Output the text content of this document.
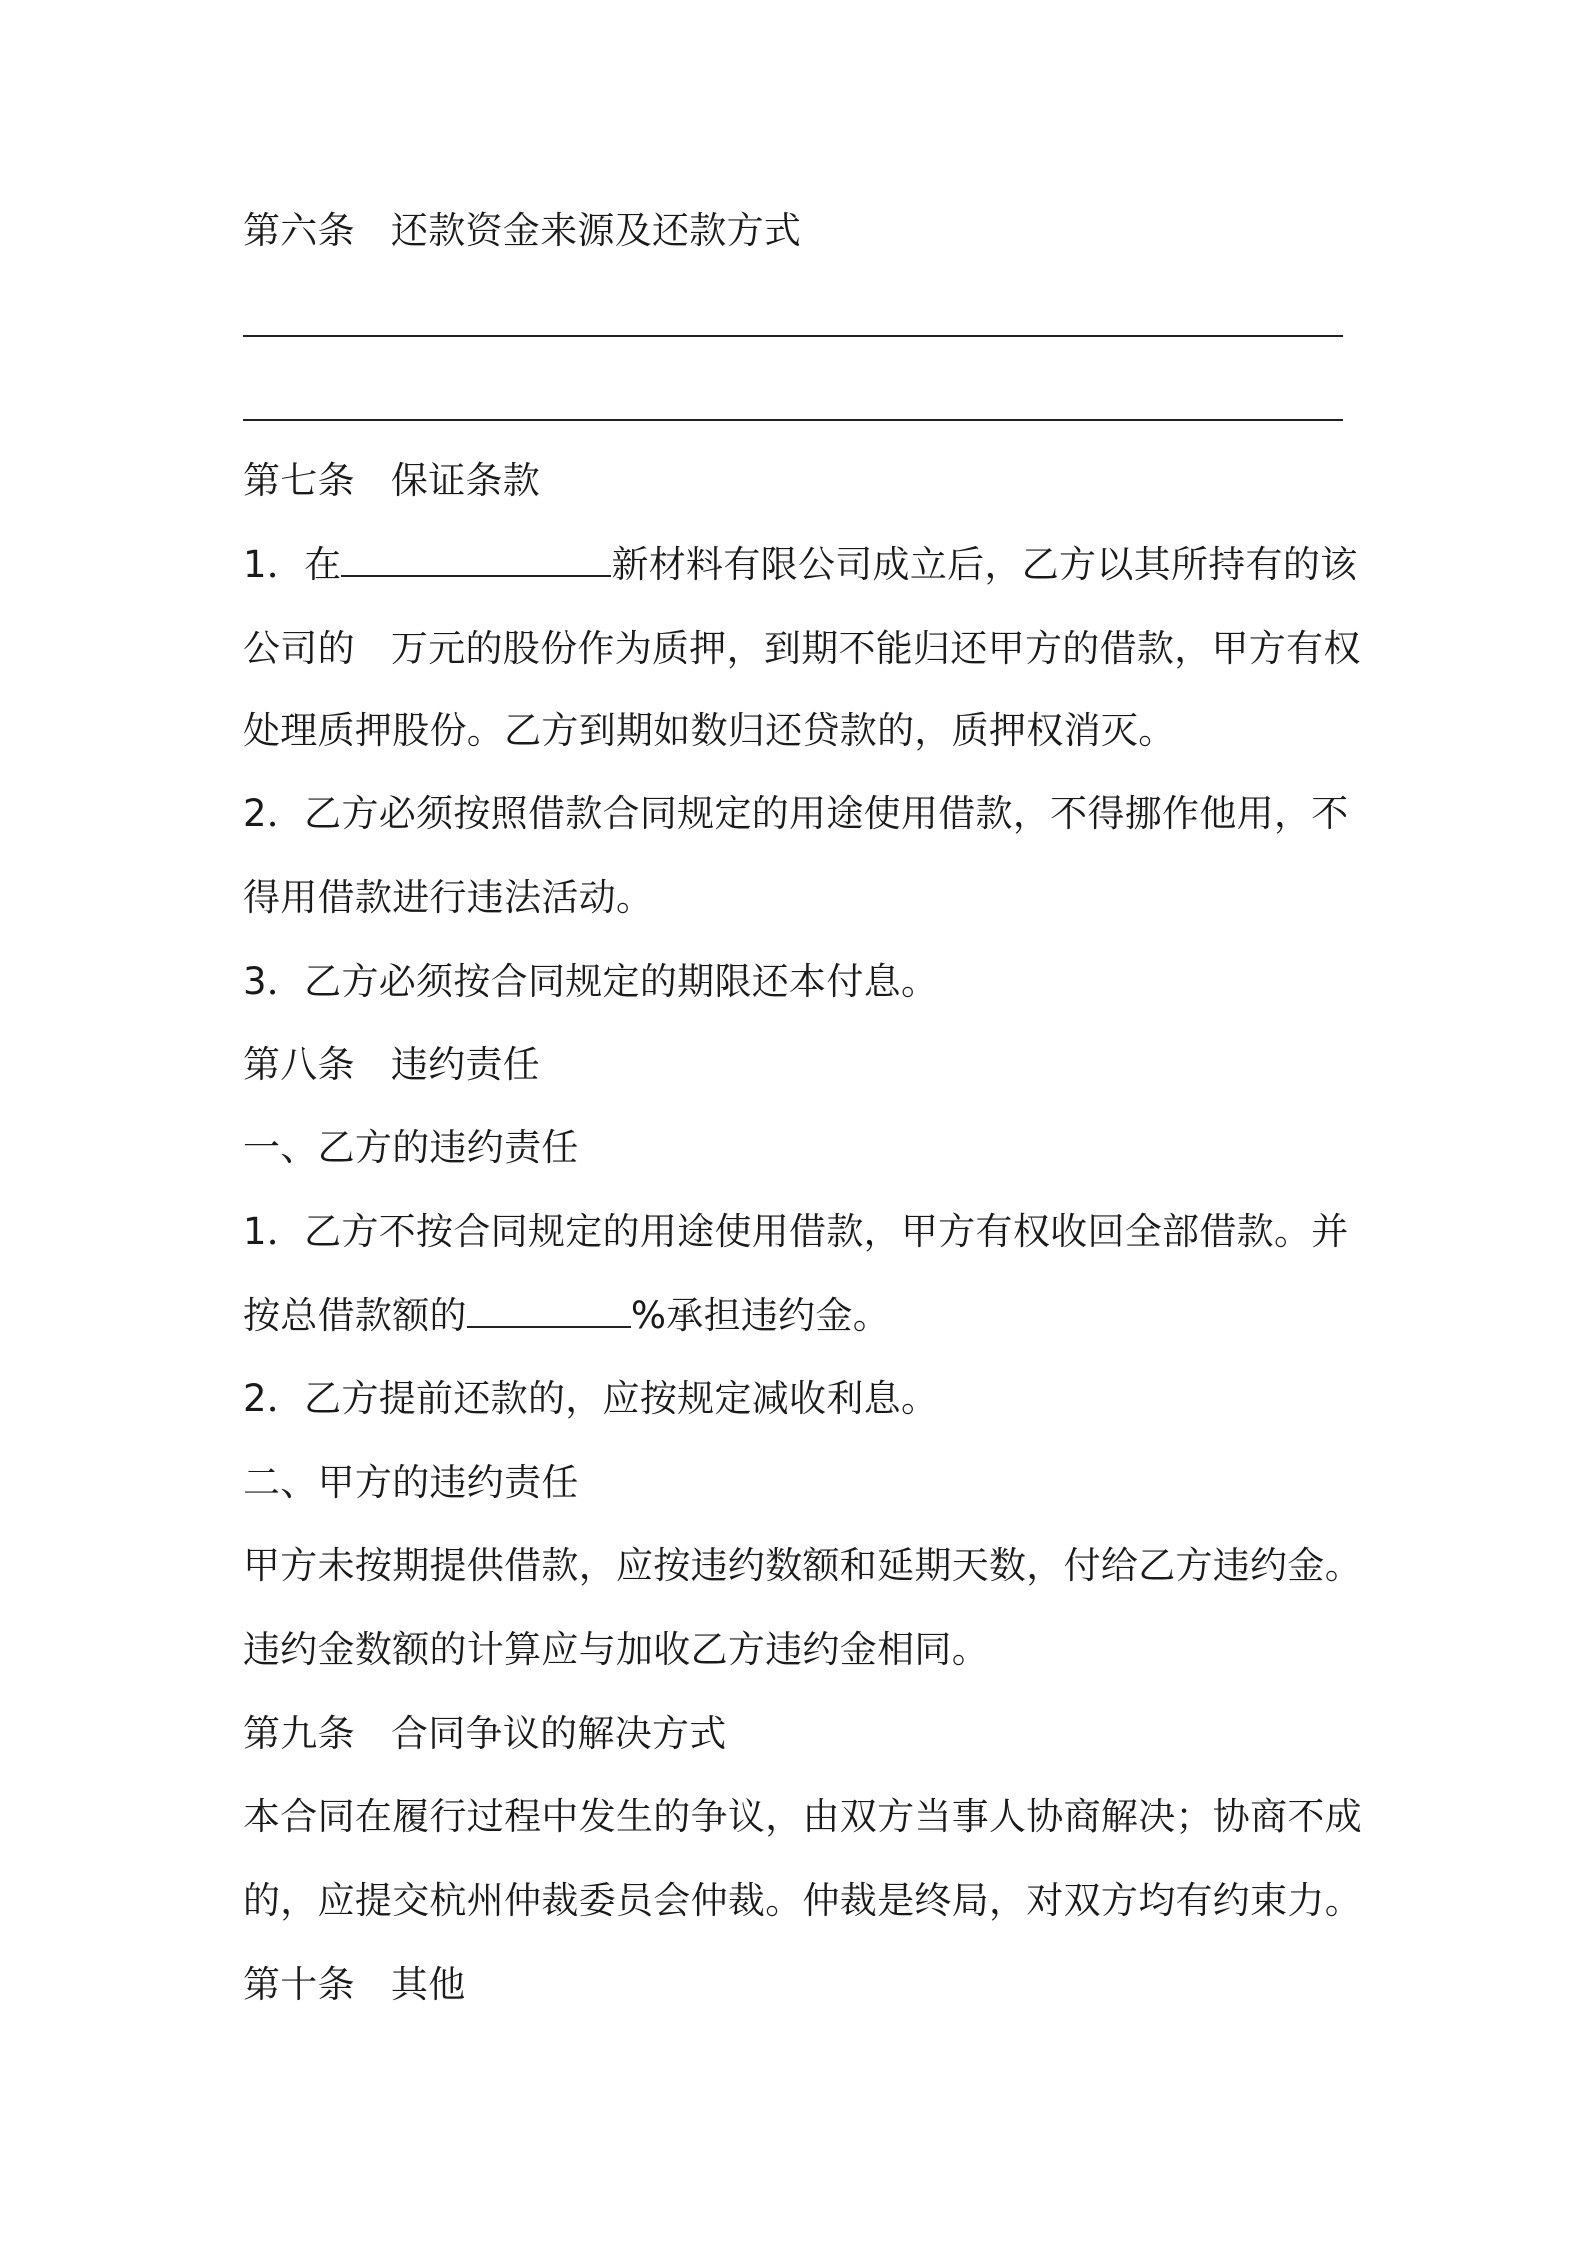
第六条 还款资金来源及还款方式
第七条 保证条款
1．在	新材料有限公司成立后，乙方以其所持有的该
公司的 万元的股份作为质押，到期不能归还甲方的借款，甲方有权
处理质押股份。乙方到期如数归还贷款的，质押权消灭。
2．乙方必须按照借款合同规定的用途使用借款，不得挪作他用，不
得用借款进行违法活动。
3．乙方必须按合同规定的期限还本付息。
第八条 违约责任
一、乙方的违约责任
1．乙方不按合同规定的用途使用借款，甲方有权收回全部借款。并
按总借款额的	%承担违约金。
2．乙方提前还款的，应按规定减收利息。
二、甲方的违约责任
甲方未按期提供借款，应按违约数额和延期天数，付给乙方违约金。
违约金数额的计算应与加收乙方违约金相同。
第九条 合同争议的解决方式
本合同在履行过程中发生的争议，由双方当事人协商解决；协商不成
的，应提交杭州仲裁委员会仲裁。仲裁是终局，对双方均有约束力。
第十条 其他
